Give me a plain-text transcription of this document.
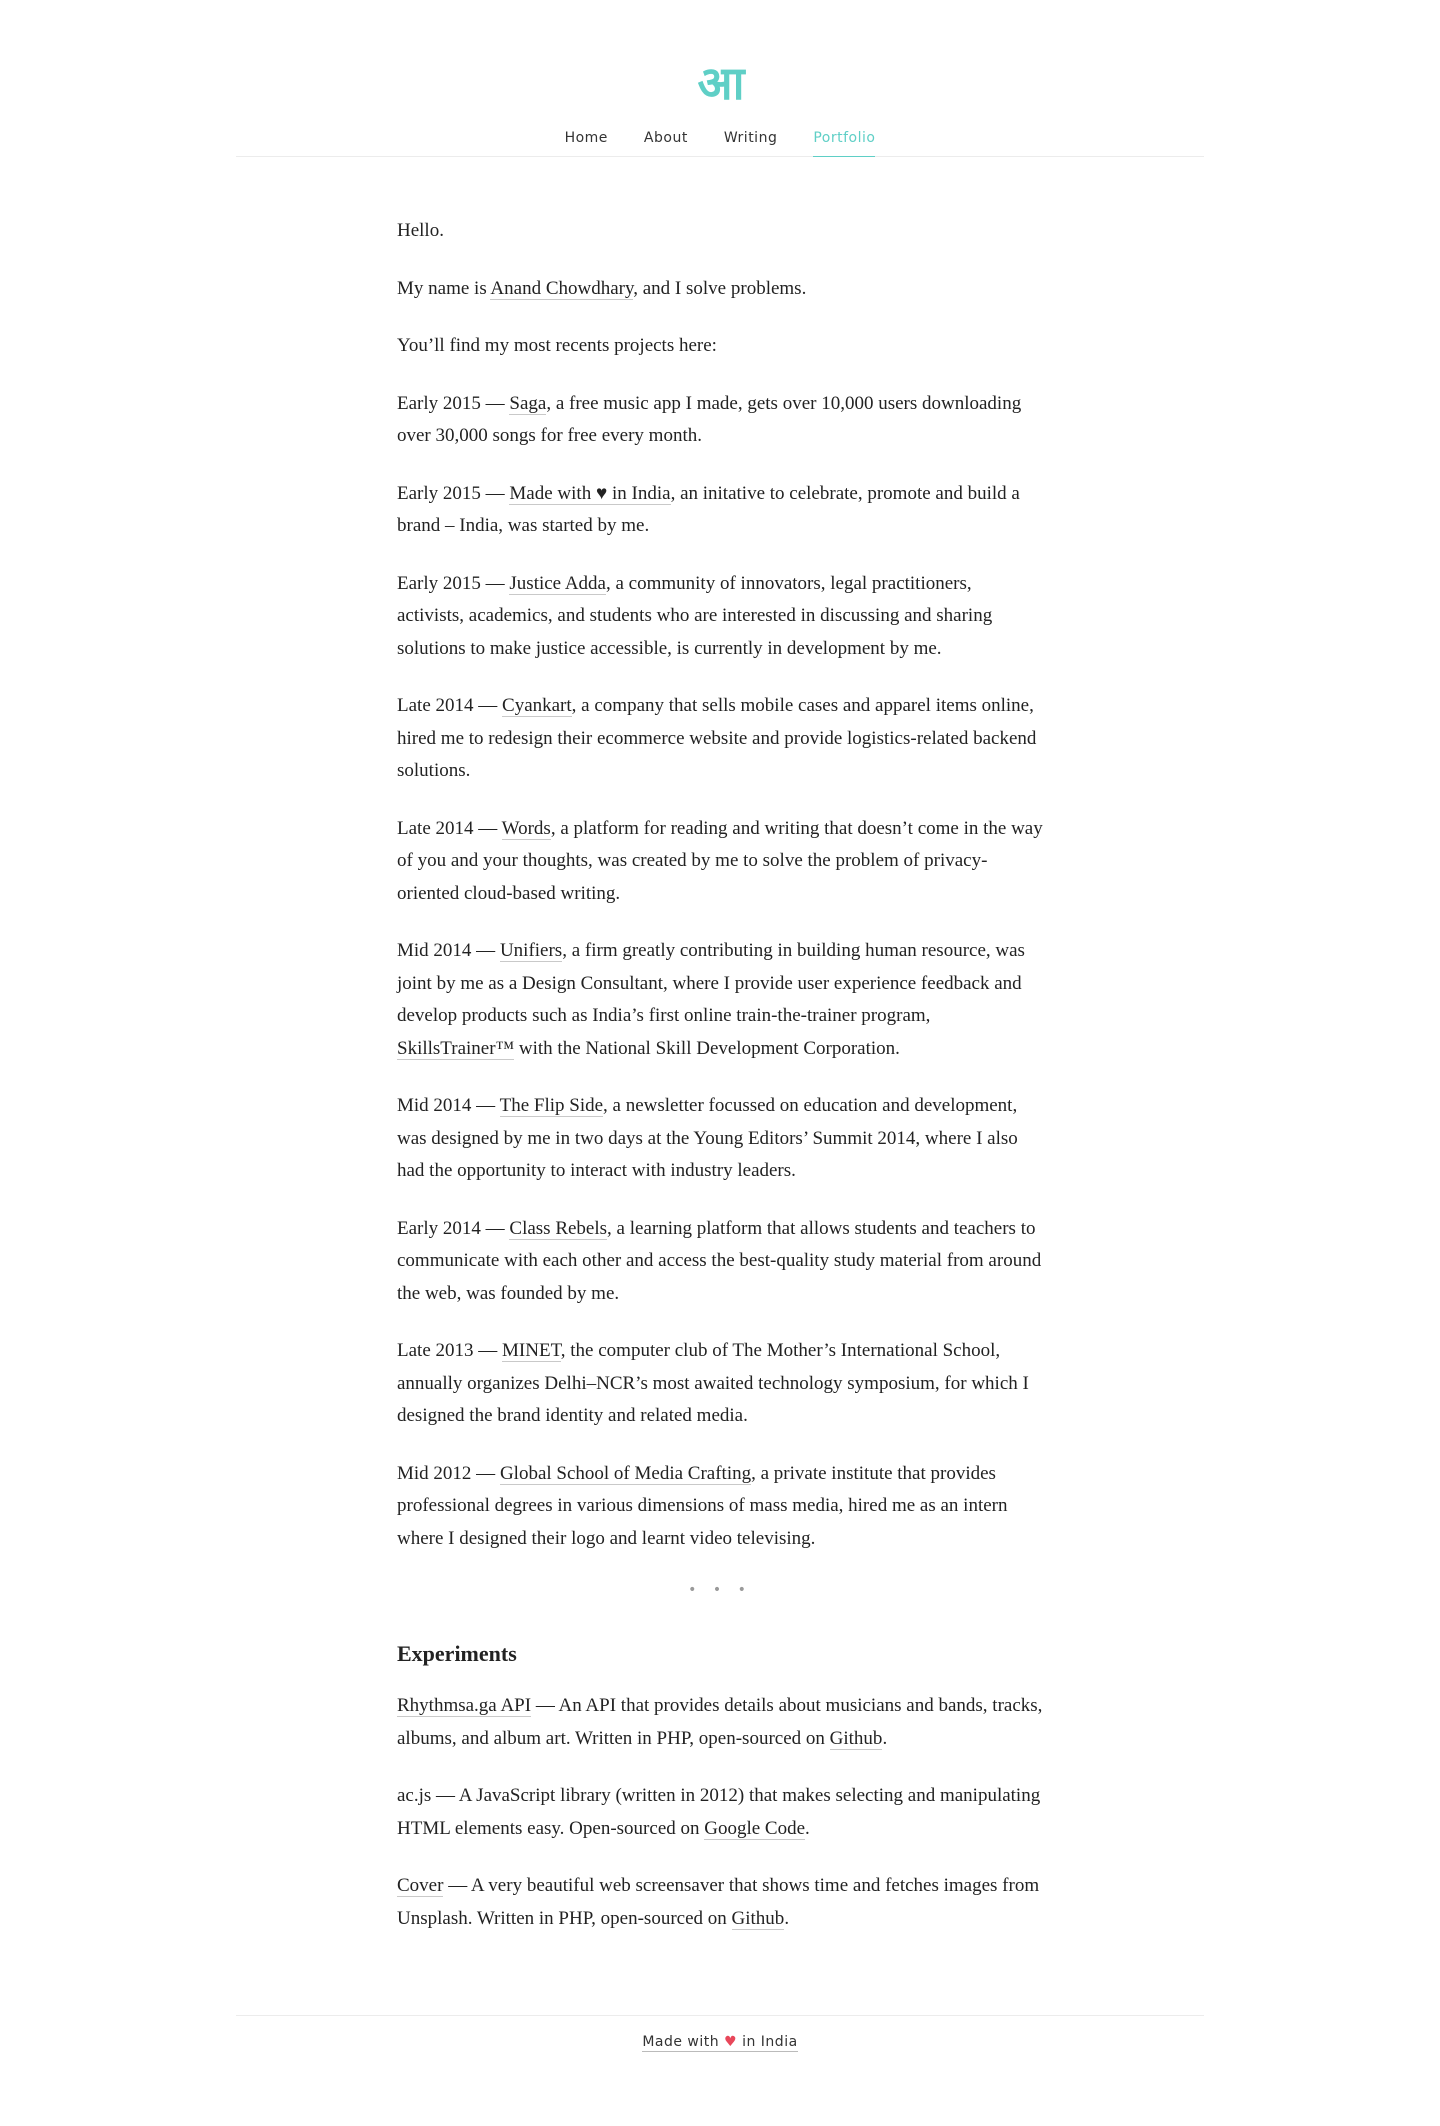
आ
Home	About	Writing	Portfolio

Hello.

My name is Anand Chowdhary, and I solve problems.

You’ll find my most recents projects here:

Early 2015 — Saga, a free music app I made, gets over 10,000 users downloading over 30,000 songs for free every month.

Early 2015 — Made with ♥ in India, an initative to celebrate, promote and build a brand – India, was started by me.

Early 2015 — Justice Adda, a community of innovators, legal practitioners, activists, academics, and students who are interested in discussing and sharing solutions to make justice accessible, is currently in development by me.

Late 2014 — Cyankart, a company that sells mobile cases and apparel items online, hired me to redesign their ecommerce website and provide logistics-related backend solutions.

Late 2014 — Words, a platform for reading and writing that doesn’t come in the way of you and your thoughts, was created by me to solve the problem of privacy-oriented cloud-based writing.

Mid 2014 — Unifiers, a firm greatly contributing in building human resource, was joint by me as a Design Consultant, where I provide user experience feedback and develop products such as India’s first online train-the-trainer program, SkillsTrainer™ with the National Skill Development Corporation.

Mid 2014 — The Flip Side, a newsletter focussed on education and development, was designed by me in two days at the Young Editors’ Summit 2014, where I also had the opportunity to interact with industry leaders.

Early 2014 — Class Rebels, a learning platform that allows students and teachers to communicate with each other and access the best-quality study material from around the web, was founded by me.

Late 2013 — MINET, the computer club of The Mother’s International School, annually organizes Delhi–NCR’s most awaited technology symposium, for which I designed the brand identity and related media.

Mid 2012 — Global School of Media Crafting, a private institute that provides professional degrees in various dimensions of mass media, hired me as an intern where I designed their logo and learnt video televising.

• • •
Experiments

Rhythmsa.ga API — An API that provides details about musicians and bands, tracks, albums, and album art. Written in PHP, open-sourced on Github.

ac.js — A JavaScript library (written in 2012) that makes selecting and manipulating HTML elements easy. Open-sourced on Google Code.

Cover — A very beautiful web screensaver that shows time and fetches images from Unsplash. Written in PHP, open-sourced on Github.

Made with ♥ in India
